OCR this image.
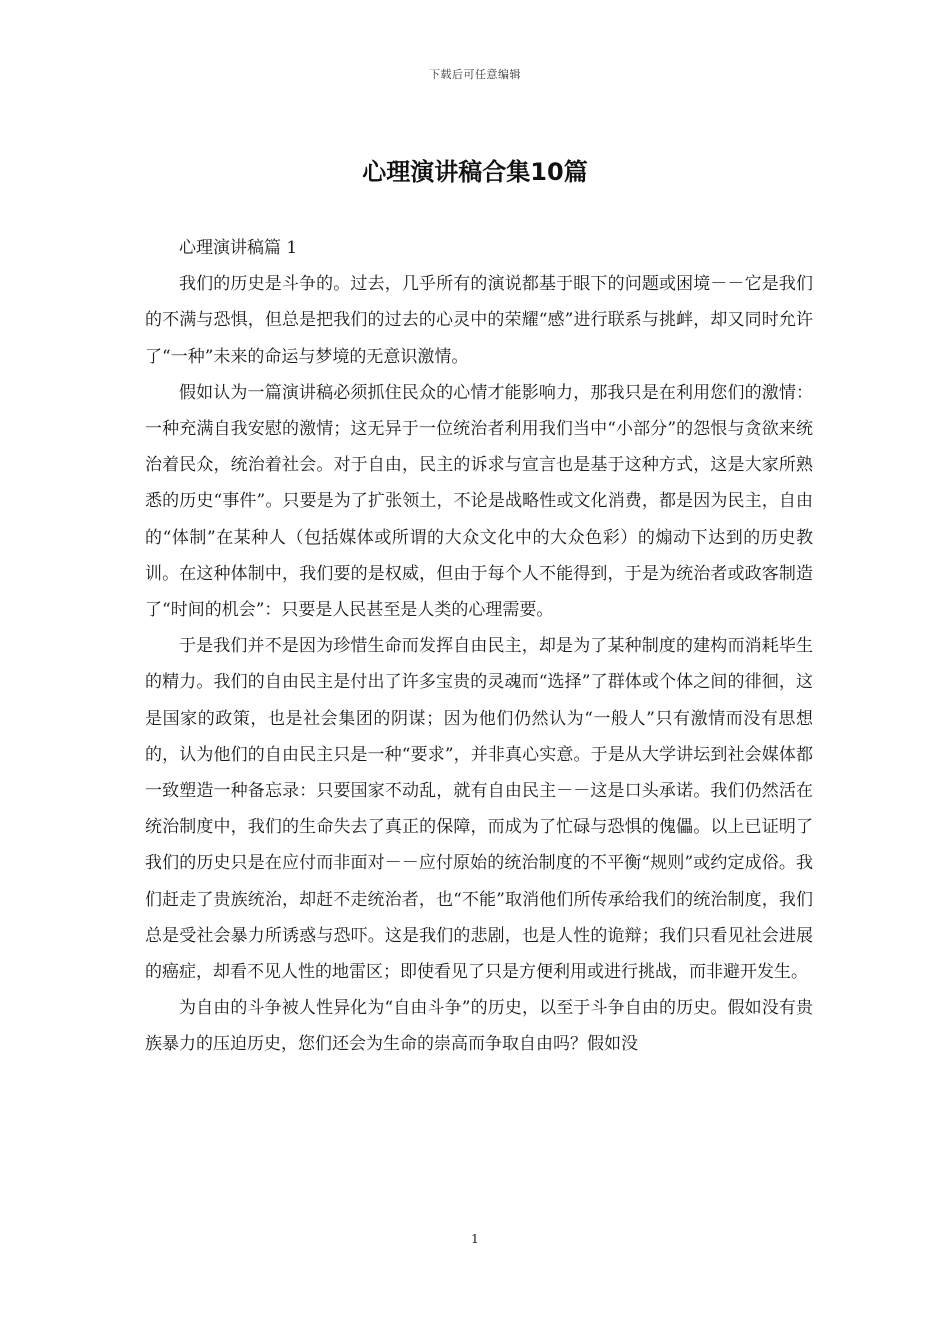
下载后可任意编辑
心理演讲稿合集10篇

心理演讲稿篇 1

我们的历史是斗争的。过去，几乎所有的演说都基于眼下的问题或困境－－它是我们的不满与恐惧，但总是把我们的过去的心灵中的荣耀“感”进行联系与挑衅，却又同时允许了“一种”未来的命运与梦境的无意识激情。

假如认为一篇演讲稿必须抓住民众的心情才能影响力，那我只是在利用您们的激情：一种充满自我安慰的激情；这无异于一位统治者利用我们当中“小部分”的怨恨与贪欲来统治着民众，统治着社会。对于自由，民主的诉求与宣言也是基于这种方式，这是大家所熟悉的历史“事件”。只要是为了扩张领土，不论是战略性或文化消费，都是因为民主，自由的“体制”在某种人（包括媒体或所谓的大众文化中的大众色彩）的煽动下达到的历史教训。在这种体制中，我们要的是权威，但由于每个人不能得到，于是为统治者或政客制造了“时间的机会”：只要是人民甚至是人类的心理需要。

于是我们并不是因为珍惜生命而发挥自由民主，却是为了某种制度的建构而消耗毕生的精力。我们的自由民主是付出了许多宝贵的灵魂而“选择”了群体或个体之间的徘徊，这是国家的政策，也是社会集团的阴谋；因为他们仍然认为“一般人”只有激情而没有思想的，认为他们的自由民主只是一种“要求”，并非真心实意。于是从大学讲坛到社会媒体都一致塑造一种备忘录：只要国家不动乱，就有自由民主－－这是口头承诺。我们仍然活在统治制度中，我们的生命失去了真正的保障，而成为了忙碌与恐惧的傀儡。以上已证明了我们的历史只是在应付而非面对－－应付原始的统治制度的不平衡“规则”或约定成俗。我们赶走了贵族统治，却赶不走统治者，也“不能”取消他们所传承给我们的统治制度，我们总是受社会暴力所诱惑与恐吓。这是我们的悲剧，也是人性的诡辩；我们只看见社会进展的癌症，却看不见人性的地雷区；即使看见了只是方便利用或进行挑战，而非避开发生。

为自由的斗争被人性异化为“自由斗争”的历史，以至于斗争自由的历史。假如没有贵族暴力的压迫历史，您们还会为生命的崇高而争取自由吗？假如没

1
